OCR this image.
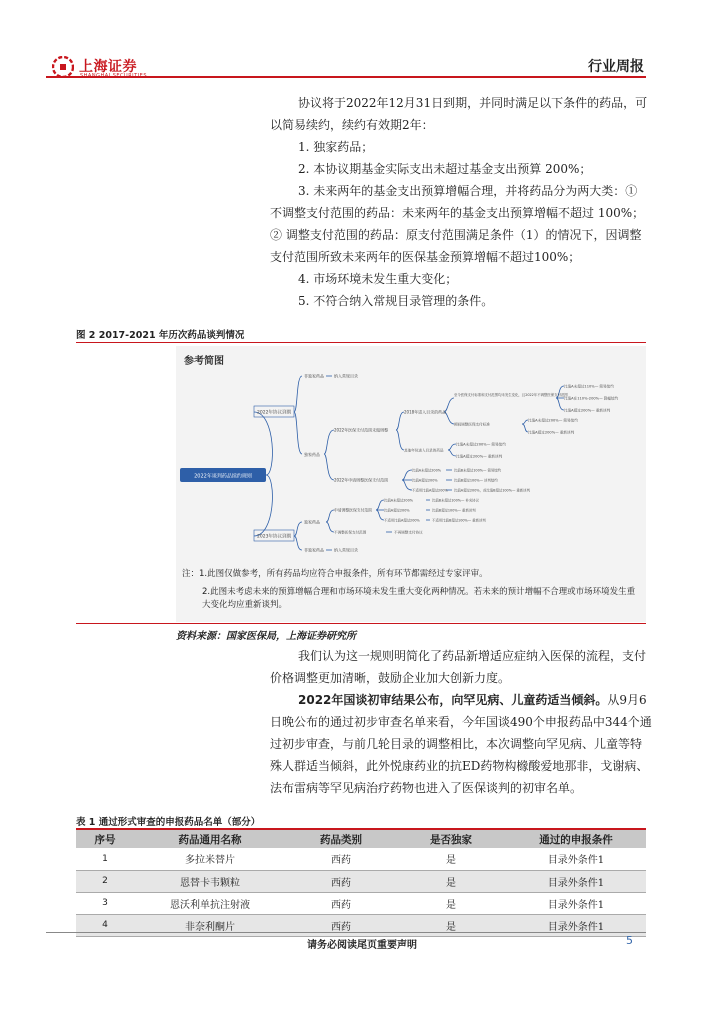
上海证券	行业周报

协议将于2022年12月31日到期，并同时满足以下条件的药品，可以简易续约，续约有效期2年：

1. 独家药品；

2. 本协议期基金实际支出未超过基金支出预算 200%；

3. 未来两年的基金支出预算增幅合理，并将药品分为两大类：① 不调整支付范围的药品：未来两年的基金支出预算增幅不超过 100%；② 调整支付范围的药品：原支付范围满足条件（1）的情况下，因调整支付范围所致未来两年的医保基金预算增幅不超过100%；

4. 市场环境未发生重大变化；

5. 不符合纳入常规目录管理的条件。

图 2 2017-2021 年历次药品谈判情况
参考简图
2022年谈判药品续约规则
2022年协议到期
非独家药品	纳入常规目录
独家药品
2022年医保支付范围未做调整
2018年进入目录的药品
至今医保支付标准和支付范围均未发生变化，且2022年不调整医保支付范围
比值A未超过110%— 简易续约
比值A在110%-200%— 降幅续约
比值A超过200%— 重新谈判
期间调整医保支付标准
比值A未超过200%— 简易续约
比值A超过200%— 重新谈判
其他年份进入目录的药品
比值A未超过200%— 简易续约
比值A超过200%— 重新谈判
2022年申请调整医保支付范围
比值A未超过200%
比值A超过200%
不适用比值A超过200%
比值B未超过100%— 简易续约
比值B超过100%— 谈判续约
比值A超过200%，或比值B超过100%— 重新谈判
2023年协议到期
独家药品
申请调整医保支付范围
比值A未超过200%
比值A超过200%
不适用比值A超过200%
比值B未超过100%— 补充协议
比值B超过100%— 重新谈判
不适用比值B超过100%— 重新谈判
不调整医保支付范围	不再调整支付协议
非独家药品	纳入常规目录
注：1.此图仅做参考，所有药品均应符合申报条件，所有环节都需经过专家评审。
2.此图未考虑未来的预算增幅合理和市场环境未发生重大变化两种情况。若未来的预计增幅不合理或市场环境发生重大变化均应重新谈判。
资料来源：国家医保局，上海证券研究所

我们认为这一规则明简化了药品新增适应症纳入医保的流程，支付价格调整更加清晰，鼓励企业加大创新力度。

2022年国谈初审结果公布，向罕见病、儿童药适当倾斜。从9月6日晚公布的通过初步审查名单来看，今年国谈490个申报药品中344个通过初步审查，与前几轮目录的调整相比，本次调整向罕见病、儿童等特殊人群适当倾斜，此外悦康药业的抗ED药物构橼酸爱地那非，戈谢病、法布雷病等罕见病治疗药物也进入了医保谈判的初审名单。

表 1 通过形式审查的申报药品名单（部分）
序号	药品通用名称	药品类别	是否独家	通过的申报条件
1	多拉米替片	西药	是	目录外条件1
2	恩替卡韦颗粒	西药	是	目录外条件1
3	恩沃利单抗注射液	西药	是	目录外条件1
4	非奈利酮片	西药	是	目录外条件1
请务必阅读尾页重要声明	5
